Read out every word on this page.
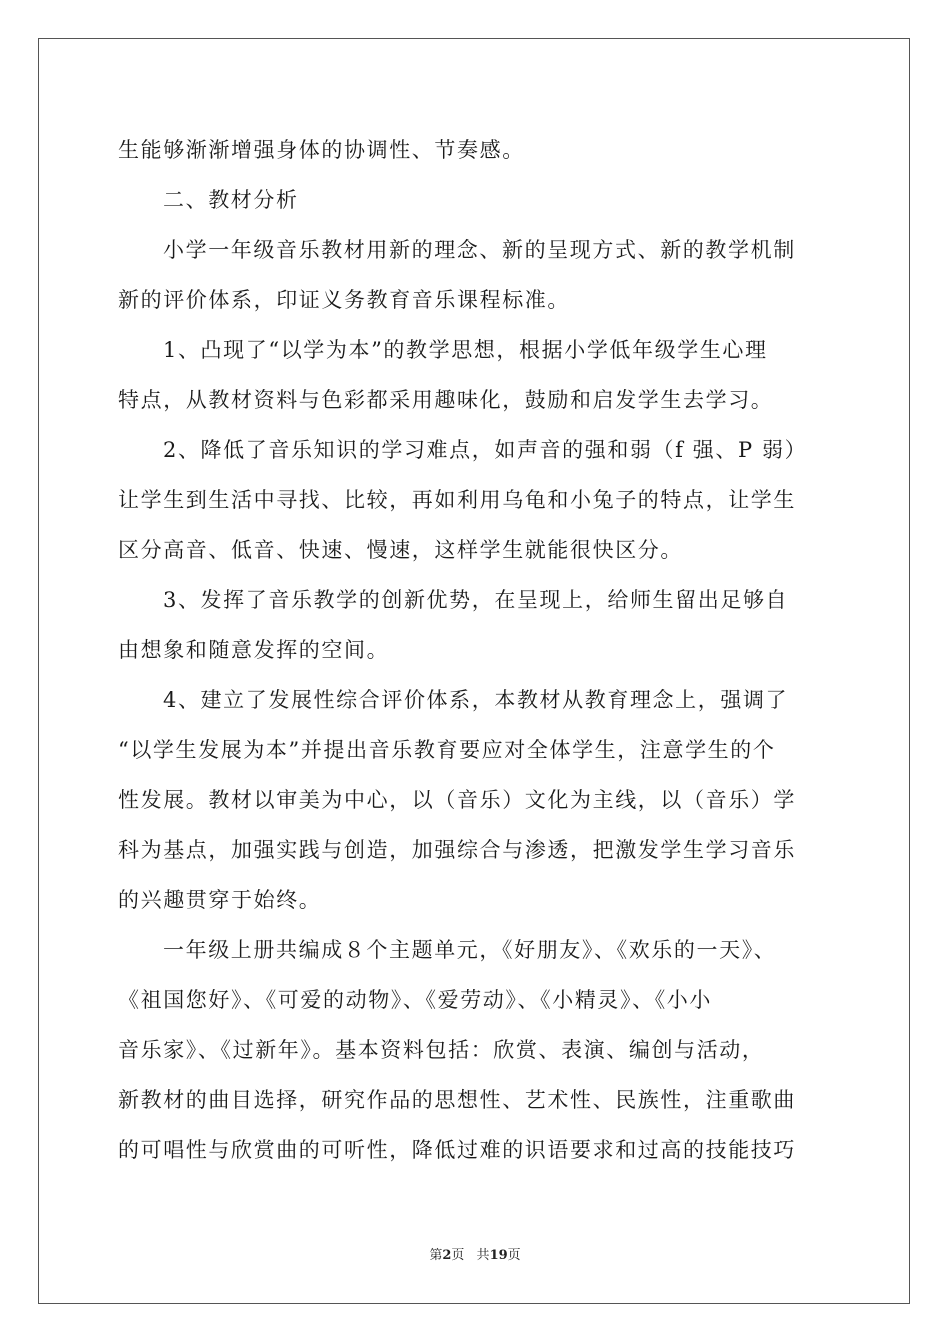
生能够渐渐增强身体的协调性、节奏感。
二、教材分析
小学一年级音乐教材用新的理念、新的呈现方式、新的教学机制
新的评价体系，印证义务教育音乐课程标准。
1、凸现了“以学为本”的教学思想，根据小学低年级学生心理
特点，从教材资料与色彩都采用趣味化，鼓励和启发学生去学习。
2、降低了音乐知识的学习难点，如声音的强和弱（f 强、P 弱）
让学生到生活中寻找、比较，再如利用乌龟和小兔子的特点，让学生
区分高音、低音、快速、慢速，这样学生就能很快区分。
3、发挥了音乐教学的创新优势，在呈现上，给师生留出足够自
由想象和随意发挥的空间。
4、建立了发展性综合评价体系，本教材从教育理念上，强调了
“以学生发展为本”并提出音乐教育要应对全体学生，注意学生的个
性发展。教材以审美为中心，以（音乐）文化为主线，以（音乐）学
科为基点，加强实践与创造，加强综合与渗透，把激发学生学习音乐
的兴趣贯穿于始终。
一年级上册共编成８个主题单元，《好朋友》、《欢乐的一天》、
《祖国您好》、《可爱的动物》、《爱劳动》、《小精灵》、《小小
音乐家》、《过新年》。基本资料包括：欣赏、表演、编创与活动，
新教材的曲目选择，研究作品的思想性、艺术性、民族性，注重歌曲
的可唱性与欣赏曲的可听性，降低过难的识语要求和过高的技能技巧
第2页 共19页
